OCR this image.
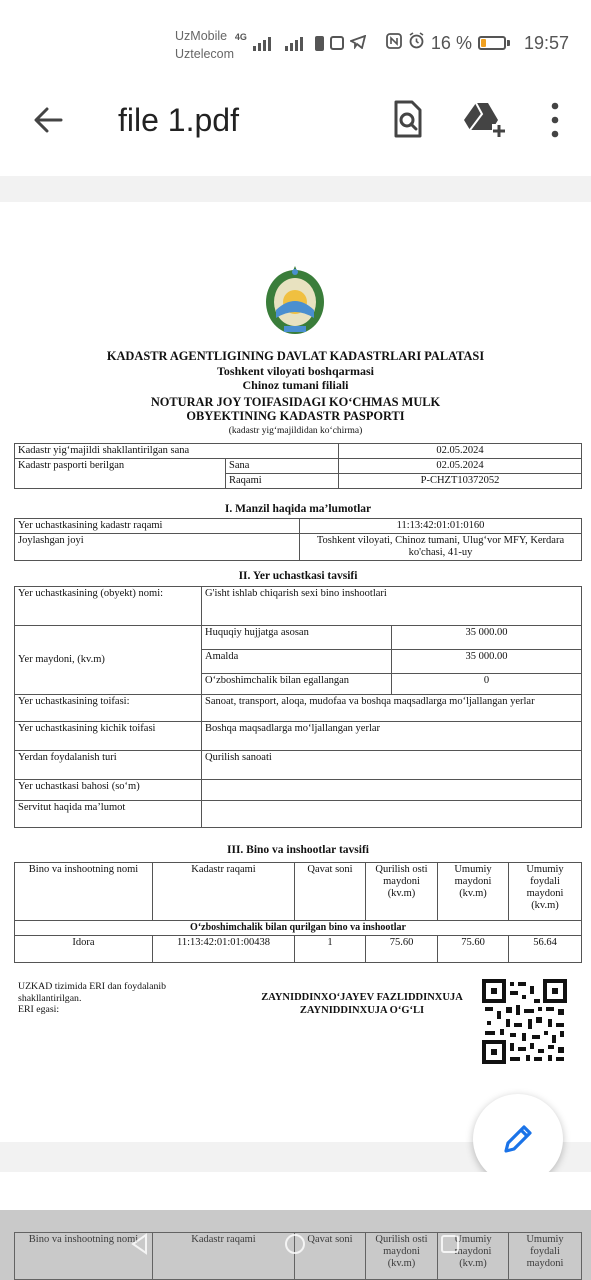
UzMobile
Uztelecom
4G	16 %	19:57
file 1.pdf
KADASTR AGENTLIGINING DAVLAT KADASTRLARI PALATASI
Toshkent viloyati boshqarmasi
Chinoz tumani filiali
NOTURAR JOY TOIFASIDAGI KO‘CHMAS MULK
OBYEKTINING KADASTR PASPORTI
(kadastr yig‘majildidan ko‘chirma)
Kadastr yig‘majildi shakllantirilgan sana		02.05.2024
Kadastr pasporti berilgan	Sana	02.05.2024
	Raqami	P-CHZT10372052
I. Manzil haqida ma’lumotlar
Yer uchastkasining kadastr raqami	11:13:42:01:01:0160
Joylashgan joyi	Toshkent viloyati, Chinoz tumani, Ulug‘vor MFY, Kerdara ko'chasi, 41-uy
II. Yer uchastkasi tavsifi
Yer uchastkasining (obyekt) nomi:	G'isht ishlab chiqarish sexi bino inshootlari	
Yer maydoni, (kv.m)	Huquqiy hujjatga asosan	35 000.00
	Amalda	35 000.00
	O‘zboshimchalik bilan egallangan	0
Yer uchastkasining toifasi:	Sanoat, transport, aloqa, mudofaa va boshqa maqsadlarga mo‘ljallangan yerlar	
Yer uchastkasining kichik toifasi	Boshqa maqsadlarga mo‘ljallangan yerlar	
Yerdan foydalanish turi	Qurilish sanoati	
Yer uchastkasi bahosi (so‘m)		
Servitut haqida ma’lumot		
III. Bino va inshootlar tavsifi
Bino va inshootning nomi	Kadastr raqami	Qavat soni	Qurilish osti maydoni (kv.m)	Umumiy maydoni (kv.m)	Umumiy foydali maydoni (kv.m)
O‘zboshimchalik bilan qurilgan bino va inshootlar					
Idora	11:13:42:01:01:00438	1	75.60	75.60	56.64
UZKAD tizimida ERI dan foydalanib shakllantirilgan.
ERI egasi:
ZAYNIDDINXO‘JAYEV FAZLIDDINXUJA
ZAYNIDDINXUJA O‘G‘LI
Bino va inshootning nomi	Kadastr raqami	Qavat soni	Qurilish osti maydoni (kv.m)	Umumiy maydoni (kv.m)	Umumiy foydali maydoni
